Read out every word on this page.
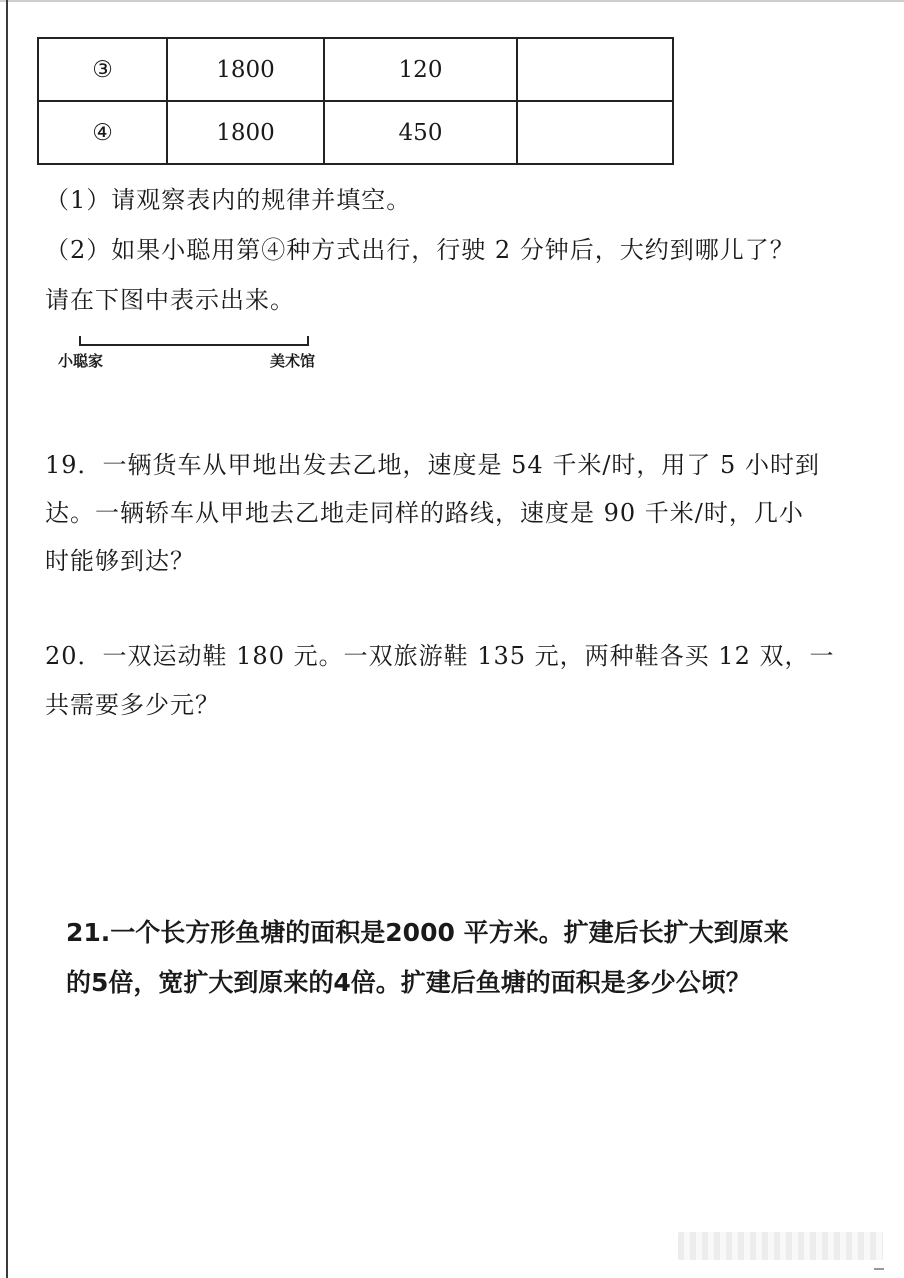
③	1800	120	
④	1800	450	
（1）请观察表内的规律并填空。
（2）如果小聪用第④种方式出行，行驶 2 分钟后，大约到哪儿了？
请在下图中表示出来。
小聪家	美术馆
19．一辆货车从甲地出发去乙地，速度是 54 千米/时，用了 5 小时到
达。一辆轿车从甲地去乙地走同样的路线，速度是 90 千米/时，几小
时能够到达？
20．一双运动鞋 180 元。一双旅游鞋 135 元，两种鞋各买 12 双，一
共需要多少元？
21.一个长方形鱼塘的面积是2000 平方米。扩建后长扩大到原来
的5倍，宽扩大到原来的4倍。扩建后鱼塘的面积是多少公顷？
